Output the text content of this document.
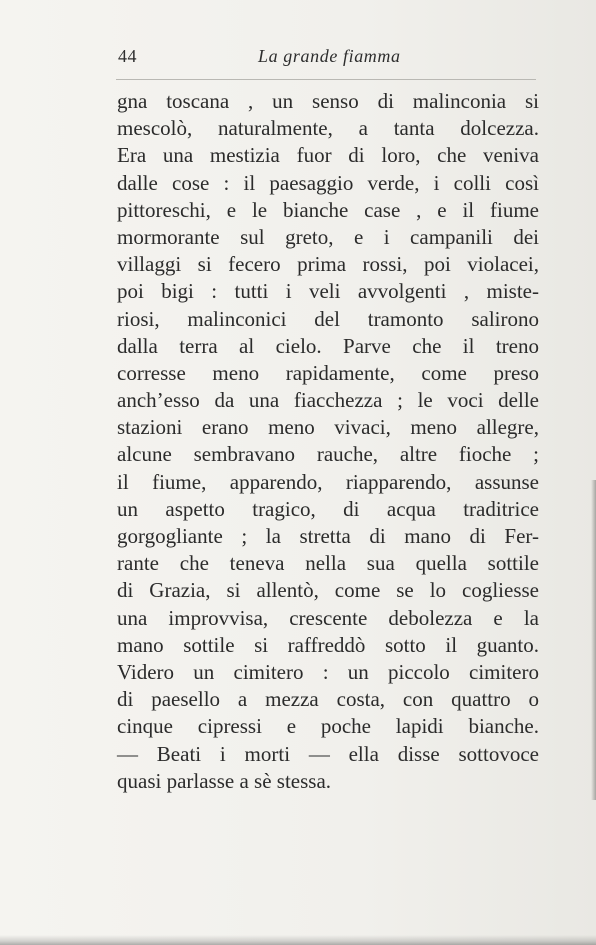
44	La grande fiamma
gna toscana , un senso di malinconia si
mescolò, naturalmente, a tanta dolcezza.
Era una mestizia fuor di loro, che veniva
dalle cose : il paesaggio verde, i colli così
pittoreschi, e le bianche case , e il fiume
mormorante sul greto, e i campanili dei
villaggi si fecero prima rossi, poi violacei,
poi bigi : tutti i veli avvolgenti , miste-
riosi, malinconici del tramonto salirono
dalla terra al cielo. Parve che il treno
corresse meno rapidamente, come preso
anch’esso da una fiacchezza ; le voci delle
stazioni erano meno vivaci, meno allegre,
alcune sembravano rauche, altre fioche ;
il fiume, apparendo, riapparendo, assunse
un aspetto tragico, di acqua traditrice
gorgogliante ; la stretta di mano di Fer-
rante che teneva nella sua quella sottile
di Grazia, si allentò, come se lo cogliesse
una improvvisa, crescente debolezza e la
mano sottile si raffreddò sotto il guanto.
Videro un cimitero : un piccolo cimitero
di paesello a mezza costa, con quattro o
cinque cipressi e poche lapidi bianche.
— Beati i morti — ella disse sottovoce
quasi parlasse a sè stessa.
